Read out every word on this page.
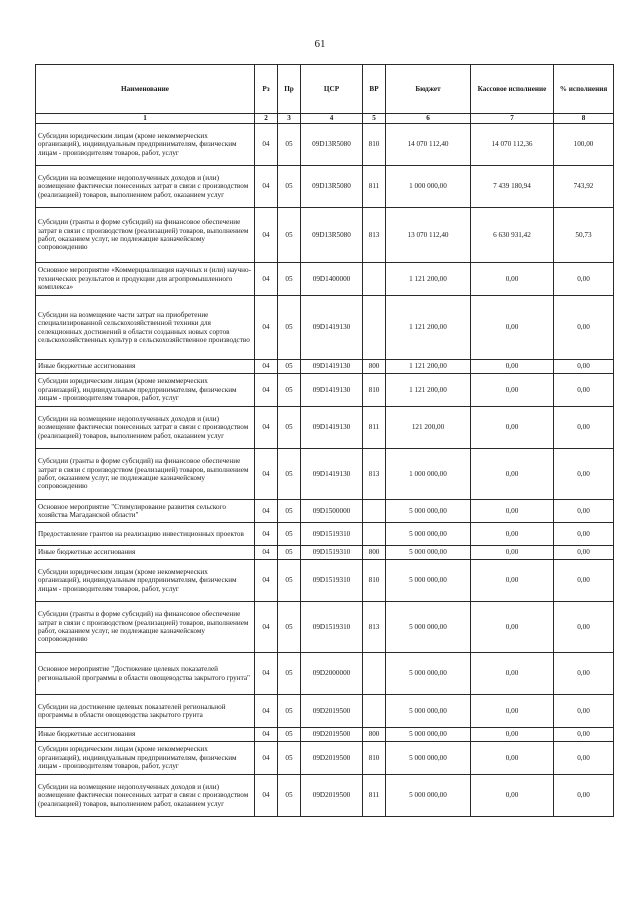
61
Наименование	Рз	Пр	ЦСР	ВР	Бюджет	Кассовое исполнение	% исполнения
1	2	3	4	5	6	7	8
Субсидии юридическим лицам (кроме некоммерческих организаций), индивидуальным предпринимателям, физическим лицам - производителям товаров, работ, услуг	04	05	09D13R5080	810	14 070 112,40	14 070 112,36	100,00
Субсидии на возмещение недополученных доходов и (или) возмещение фактически понесенных затрат в связи с производством (реализацией) товаров, выполнением работ, оказанием услуг	04	05	09D13R5080	811	1 000 000,00	7 439 180,94	743,92
Субсидии (гранты в форме субсидий) на финансовое обеспечение затрат в связи с производством (реализацией) товаров, выполнением работ, оказанием услуг, не подлежащие казначейскому сопровождению	04	05	09D13R5080	813	13 070 112,40	6 630 931,42	50,73
Основное мероприятие «Коммерциализация научных и (или) научно-технических результатов и продукции для агропромышленного комплекса»	04	05	09D1400000		1 121 200,00	0,00	0,00
Субсидии на возмещение части затрат на приобретение специализированной сельскохозяйственной техники для селекционных достижений в области созданных новых сортов сельскохозяйственных культур в сельскохозяйственное производство	04	05	09D1419130		1 121 200,00	0,00	0,00
Иные бюджетные ассигнования	04	05	09D1419130	800	1 121 200,00	0,00	0,00
Субсидии юридическим лицам (кроме некоммерческих организаций), индивидуальным предпринимателям, физическим лицам - производителям товаров, работ, услуг	04	05	09D1419130	810	1 121 200,00	0,00	0,00
Субсидии на возмещение недополученных доходов и (или) возмещение фактически понесенных затрат в связи с производством (реализацией) товаров, выполнением работ, оказанием услуг	04	05	09D1419130	811	121 200,00	0,00	0,00
Субсидии (гранты в форме субсидий) на финансовое обеспечение затрат в связи с производством (реализацией) товаров, выполнением работ, оказанием услуг, не подлежащие казначейскому сопровождению	04	05	09D1419130	813	1 000 000,00	0,00	0,00
Основное мероприятие "Стимулирование развития сельского хозяйства Магаданской области"	04	05	09D1500000		5 000 000,00	0,00	0,00
Предоставление грантов на реализацию инвестиционных проектов	04	05	09D1519310		5 000 000,00	0,00	0,00
Иные бюджетные ассигнования	04	05	09D1519310	800	5 000 000,00	0,00	0,00
Субсидии юридическим лицам (кроме некоммерческих организаций), индивидуальным предпринимателям, физическим лицам - производителям товаров, работ, услуг	04	05	09D1519310	810	5 000 000,00	0,00	0,00
Субсидии (гранты в форме субсидий) на финансовое обеспечение затрат в связи с производством (реализацией) товаров, выполнением работ, оказанием услуг, не подлежащие казначейскому сопровождению	04	05	09D1519310	813	5 000 000,00	0,00	0,00
Основное мероприятие "Достижение целевых показателей региональной программы в области овощеводства закрытого грунта"	04	05	09D2000000		5 000 000,00	0,00	0,00
Субсидии на достижение целевых показателей региональной программы в области овощеводства закрытого грунта	04	05	09D2019500		5 000 000,00	0,00	0,00
Иные бюджетные ассигнования	04	05	09D2019500	800	5 000 000,00	0,00	0,00
Субсидии юридическим лицам (кроме некоммерческих организаций), индивидуальным предпринимателям, физическим лицам - производителям товаров, работ, услуг	04	05	09D2019500	810	5 000 000,00	0,00	0,00
Субсидии на возмещение недополученных доходов и (или) возмещение фактически понесенных затрат в связи с производством (реализацией) товаров, выполнением работ, оказанием услуг	04	05	09D2019500	811	5 000 000,00	0,00	0,00
